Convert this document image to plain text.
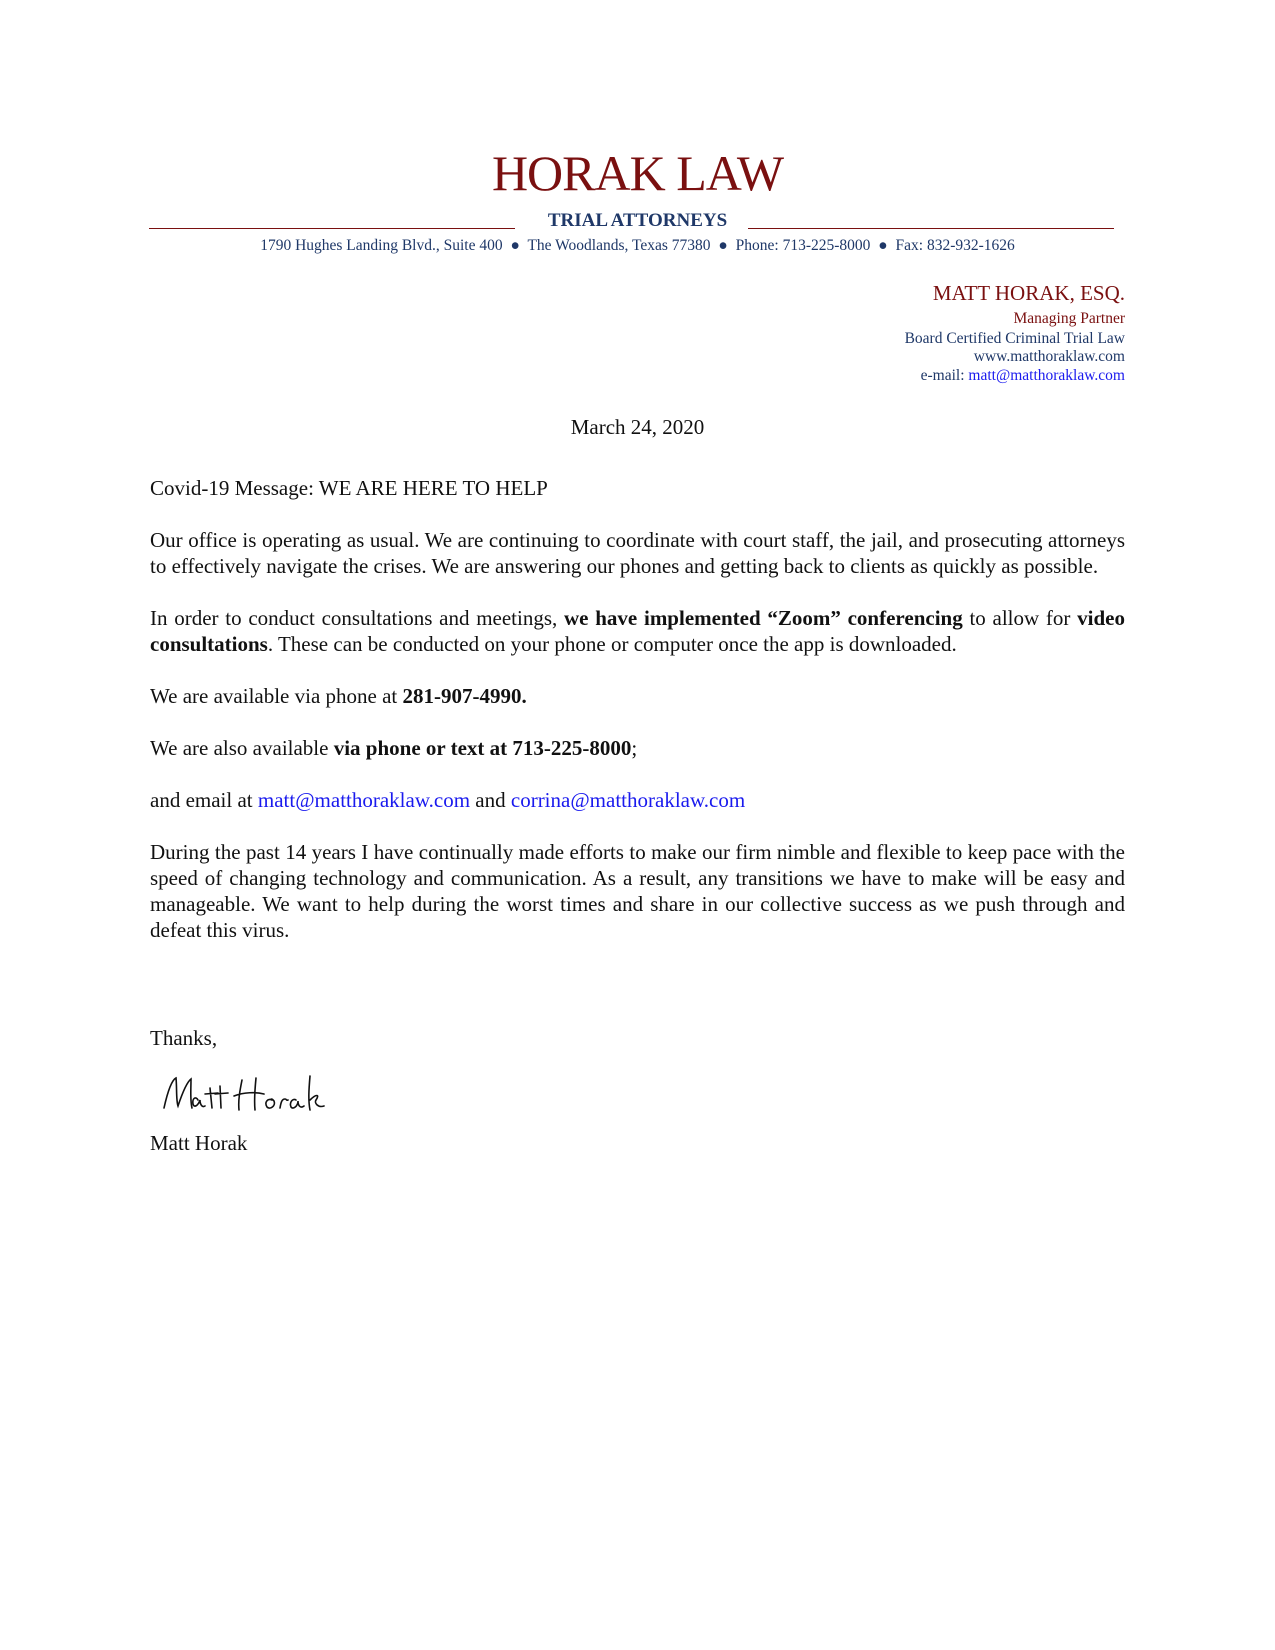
HORAK LAW
TRIAL ATTORNEYS
1790 Hughes Landing Blvd., Suite 400 ● The Woodlands, Texas 77380 ● Phone: 713-225-8000 ● Fax: 832-932-1626
MATT HORAK, ESQ.
Managing Partner
Board Certified Criminal Trial Law
www.matthoraklaw.com
e-mail: matt@matthoraklaw.com
March 24, 2020

Covid-19 Message: WE ARE HERE TO HELP

Our office is operating as usual. We are continuing to coordinate with court staff, the jail, and prosecuting attorneys to effectively navigate the crises. We are answering our phones and getting back to clients as quickly as possible.

In order to conduct consultations and meetings, we have implemented “Zoom” conferencing to allow for video consultations. These can be conducted on your phone or computer once the app is downloaded.

We are available via phone at 281-907-4990.

We are also available via phone or text at 713-225-8000;

and email at matt@matthoraklaw.com and corrina@matthoraklaw.com

During the past 14 years I have continually made efforts to make our firm nimble and flexible to keep pace with the speed of changing technology and communication. As a result, any transitions we have to make will be easy and manageable. We want to help during the worst times and share in our collective success as we push through and defeat this virus.

Thanks,
Matt Horak
